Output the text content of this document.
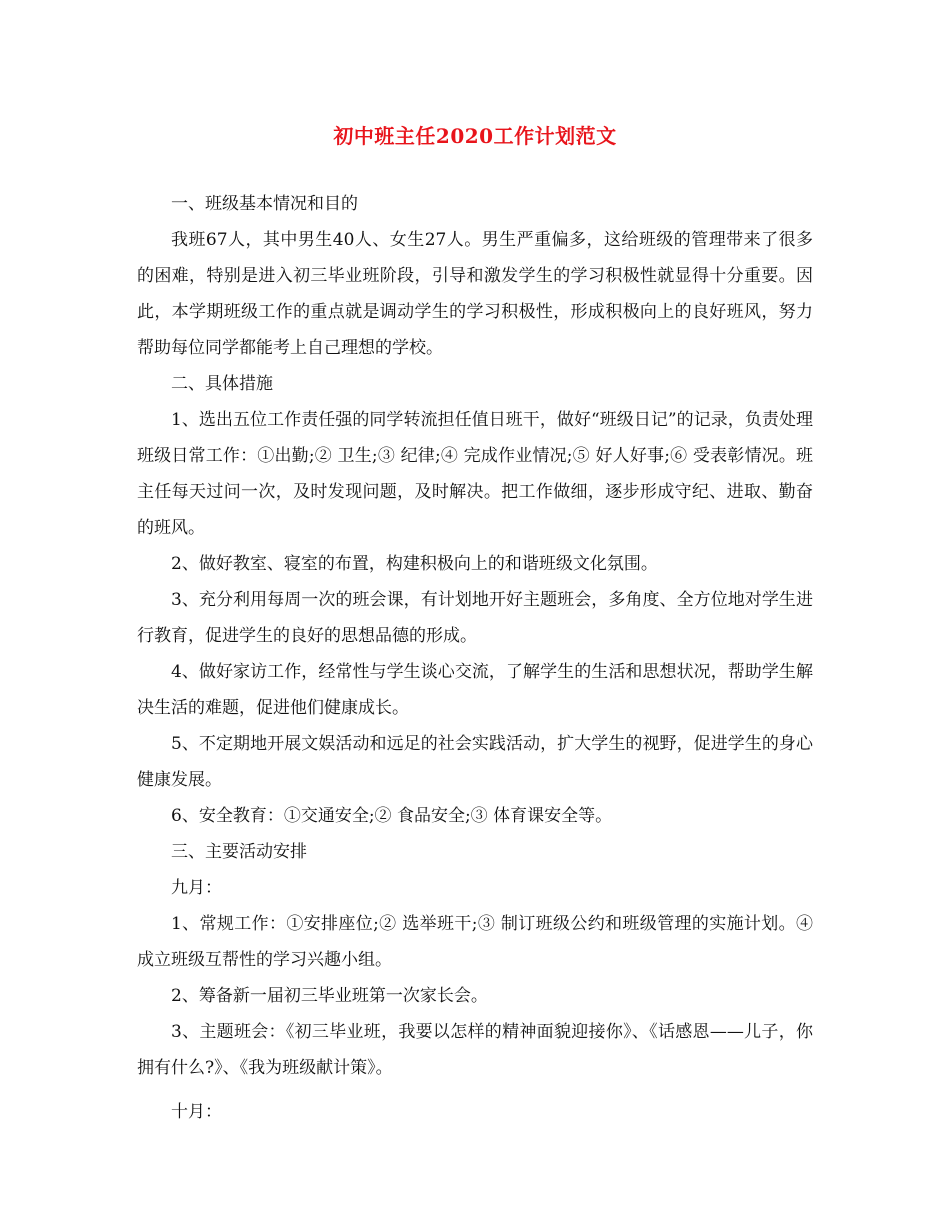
初中班主任2020工作计划范文

一、班级基本情况和目的

我班67人，其中男生40人、女生27人。男生严重偏多，这给班级的管理带来了很多的困难，特别是进入初三毕业班阶段，引导和激发学生的学习积极性就显得十分重要。因此，本学期班级工作的重点就是调动学生的学习积极性，形成积极向上的良好班风，努力帮助每位同学都能考上自己理想的学校。

二、具体措施

1、选出五位工作责任强的同学转流担任值日班干，做好“班级日记”的记录，负责处理班级日常工作：①出勤;② 卫生;③ 纪律;④ 完成作业情况;⑤ 好人好事;⑥ 受表彰情况。班主任每天过问一次，及时发现问题，及时解决。把工作做细，逐步形成守纪、进取、勤奋的班风。

2、做好教室、寝室的布置，构建积极向上的和谐班级文化氛围。

3、充分利用每周一次的班会课，有计划地开好主题班会，多角度、全方位地对学生进行教育，促进学生的良好的思想品德的形成。

4、做好家访工作，经常性与学生谈心交流，了解学生的生活和思想状况，帮助学生解决生活的难题，促进他们健康成长。

5、不定期地开展文娱活动和远足的社会实践活动，扩大学生的视野，促进学生的身心健康发展。

6、安全教育：①交通安全;② 食品安全;③ 体育课安全等。

三、主要活动安排

九月：

1、常规工作：①安排座位;② 选举班干;③ 制订班级公约和班级管理的实施计划。④成立班级互帮性的学习兴趣小组。

2、筹备新一届初三毕业班第一次家长会。

3、主题班会：《初三毕业班，我要以怎样的精神面貌迎接你》、《话感恩——儿子，你拥有什么?》、《我为班级献计策》。

十月：
